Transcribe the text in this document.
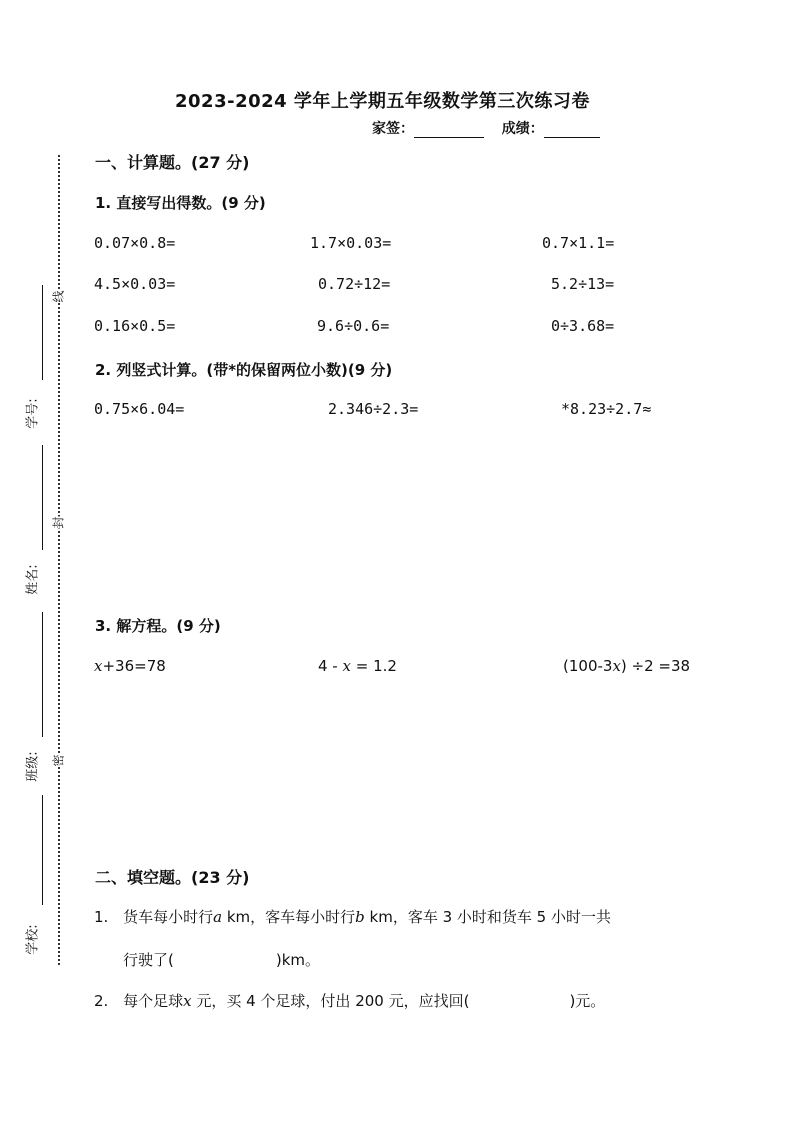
学号:
姓名:
班级:
学校:
线
封
密
2023-2024 学年上学期五年级数学第三次练习卷
家签：	成绩：
一、计算题。(27 分)
1. 直接写出得数。(9 分)
0.07×0.8=	1.7×0.03=	0.7×1.1=
4.5×0.03=	0.72÷12=	5.2÷13=
0.16×0.5=	9.6÷0.6=	0÷3.68=
2. 列竖式计算。(带*的保留两位小数)(9 分)
0.75×6.04=	2.346÷2.3=	*8.23÷2.7≈
3. 解方程。(9 分)
x+36=78	4 - x = 1.2	(100-3x) ÷2 =38
二、填空题。(23 分)
1. 货车每小时行a km，客车每小时行b km，客车 3 小时和货车 5 小时一共
行驶了(	)km。
2. 每个足球x 元，买 4 个足球，付出 200 元，应找回(	)元。
